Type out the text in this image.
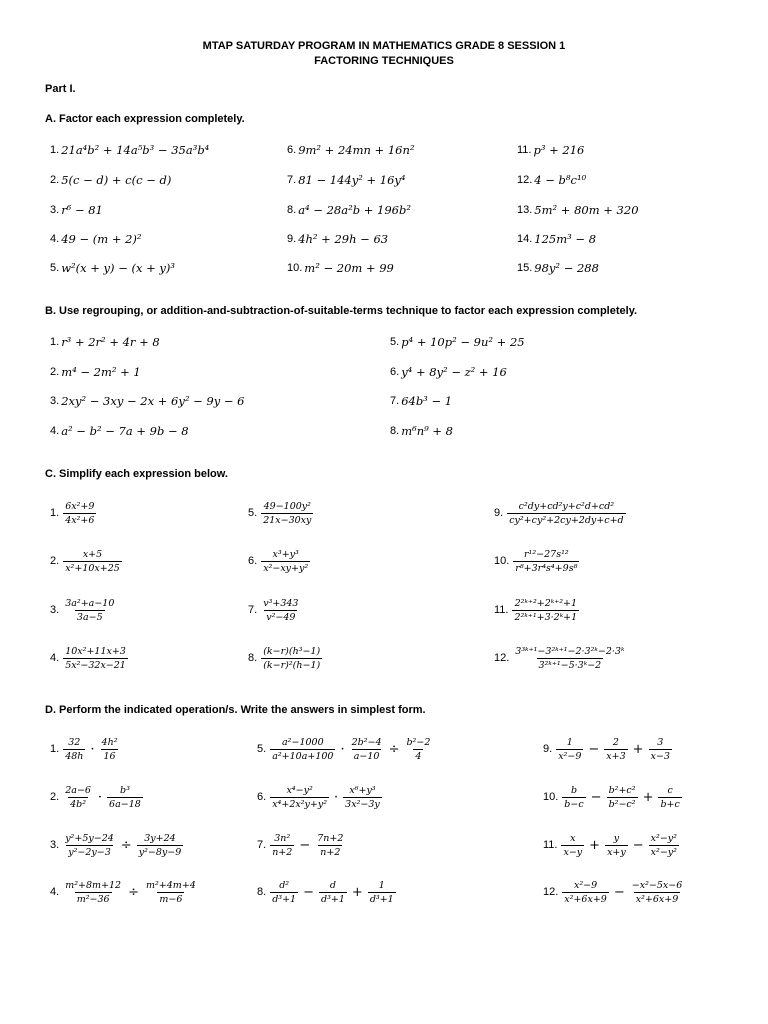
MTAP SATURDAY PROGRAM IN MATHEMATICS GRADE 8 SESSION 1
FACTORING TECHNIQUES
Part I.
A. Factor each expression completely.
B. Use regrouping, or addition-and-subtraction-of-suitable-terms technique to factor each expression completely.
C. Simplify each expression below.
D. Perform the indicated operation/s. Write the answers in simplest form.
1. 21a⁴b² + 14a⁵b³ − 35a³b⁴
2. 5(c − d) + c(c − d)
3. r⁶ − 81
4. 49 − (m + 2)²
5. w²(x + y) − (x + y)³
6. 9m² + 24mn + 16n²
7. 81 − 144y² + 16y⁴
8. a⁴ − 28a²b + 196b²
9. 4h² + 29h − 63
10. m² − 20m + 99
11. p³ + 216
12. 4 − b⁸c¹⁰
13. 5m² + 80m + 320
14. 125m³ − 8
15. 98y² − 288
1. r³ + 2r² + 4r + 8
2. m⁴ − 2m² + 1
3. 2xy² − 3xy − 2x + 6y² − 9y − 6
4. a² − b² − 7a + 9b − 8
5. p⁴ + 10p² − 9u² + 25
6. y⁴ + 8y² − z² + 16
7. 64b³ − 1
8. m⁶n⁹ + 8
1. $\frac{\text{6x²+9}}{\text{4x²+6}}$
2. $\frac{x+5}{\text{x²+10x+25}}$
3. $\frac{\text{3a²+a−10}}{3a-5}$
4. $\frac{\text{10x²+11x+3}}{\text{5x²−32x−21}}$
5. $\frac{\text{49−100y²}}{21x-30xy}$
6. $\frac{\text{x³+y³}}{\text{x²−xy+y²}}$
7. $\frac{\text{v³+343}}{\text{v²−49}}$
8. $\frac{\text{(k−r)(h³−1)}}{\text{(k−r)²(h−1)}}$
9. $\frac{\text{c²dy+cd²y+c²d+cd²}}{\text{cy²+cy²+2cy+2dy+c+d}}$
10. $\frac{\text{r¹²−27s¹²}}{\text{r⁸+3r⁴s⁴+9s⁸}}$
11. $\frac{\text{2²ᵏ⁺²+2ᵏ⁺²+1}}{\text{2²ᵏ⁺¹+3·2ᵏ+1}}$
12. $\frac{\text{3³ᵏ⁺¹−3²ᵏ⁺¹−2·3²ᵏ−2·3ᵏ}}{\text{3²ᵏ⁺¹−5·3ᵏ−2}}$
1. $\frac{32}{48h} \cdot \frac{\text{4h²}}{16}$
2. $\frac{2a-6}{\text{4b²}} \cdot \frac{\text{b³}}{6a-18}$
3. $\frac{\text{y²+5y−24}}{\text{y²−2y−3}} \div \frac{3y+24}{\text{y²−8y−9}}$
4. $\frac{\text{m²+8m+12}}{\text{m²−36}} \div \frac{\text{m²+4m+4}}{m-6}$
5. $\frac{\text{a²−1000}}{\text{a²+10a+100}} \cdot \frac{\text{2b²−4}}{a-10} \div \frac{\text{b²−2}}{4}$
6. $\frac{\text{x⁴−y²}}{\text{x⁴+2x²y+y²}} \cdot \frac{\text{x⁶+y³}}{\text{3x²−3y}}$
7. $\frac{\text{3n²}}{n+2} - \frac{7n+2}{n+2}$
8. $\frac{\text{d²}}{\text{d³+1}} - \frac{d}{\text{d³+1}} + \frac{1}{\text{d³+1}}$
9. $\frac{1}{\text{x²−9}} - \frac{2}{x+3} + \frac{3}{x-3}$
10. $\frac{b}{b-c} - \frac{\text{b²+c²}}{\text{b²−c²}} + \frac{c}{b+c}$
11. $\frac{x}{x-y} + \frac{y}{x+y} - \frac{\text{x²−y²}}{\text{x²−y²}}$
12. $\frac{\text{x²−9}}{\text{x²+6x+9}} - \frac{\text{−x²−5x−6}}{\text{x²+6x+9}}$
